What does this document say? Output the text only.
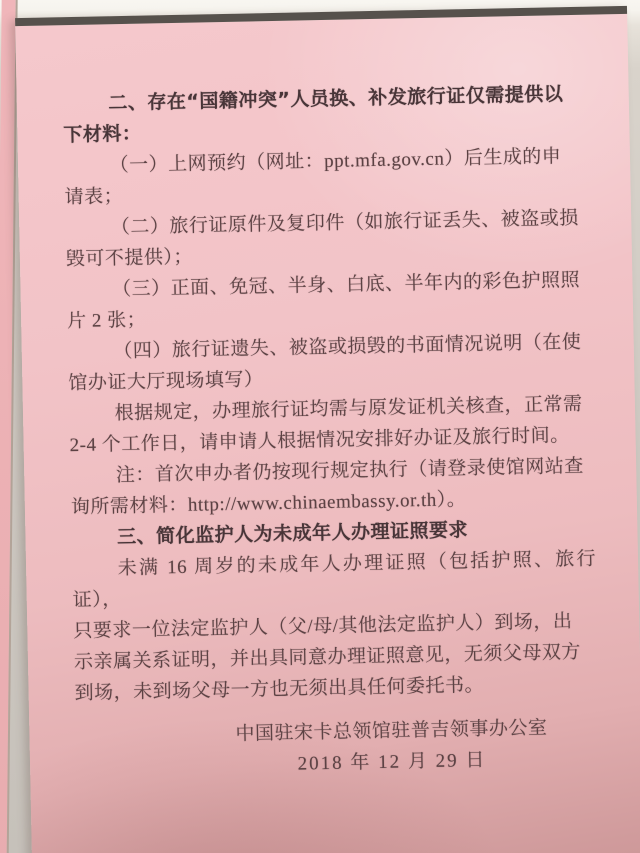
二、存在“国籍冲突”人员换、补发旅行证仅需提供以
下材料：

（一）上网预约（网址：ppt.mfa.gov.cn）后生成的申
请表；

（二）旅行证原件及复印件（如旅行证丢失、被盗或损
毁可不提供）；

（三）正面、免冠、半身、白底、半年内的彩色护照照
片 2 张；

（四）旅行证遗失、被盗或损毁的书面情况说明（在使
馆办证大厅现场填写）

根据规定，办理旅行证均需与原发证机关核查，正常需
2-4 个工作日，请申请人根据情况安排好办证及旅行时间。

注：首次申办者仍按现行规定执行（请登录使馆网站查
询所需材料：http://www.chinaembassy.or.th）。

三、简化监护人为未成年人办理证照要求

未满 16 周岁的未成年人办理证照（包括护照、旅行证），
只要求一位法定监护人（父/母/其他法定监护人）到场，出
示亲属关系证明，并出具同意办理证照意见，无须父母双方
到场，未到场父母一方也无须出具任何委托书。

中国驻宋卡总领馆驻普吉领事办公室

2018 年 12 月 29 日
